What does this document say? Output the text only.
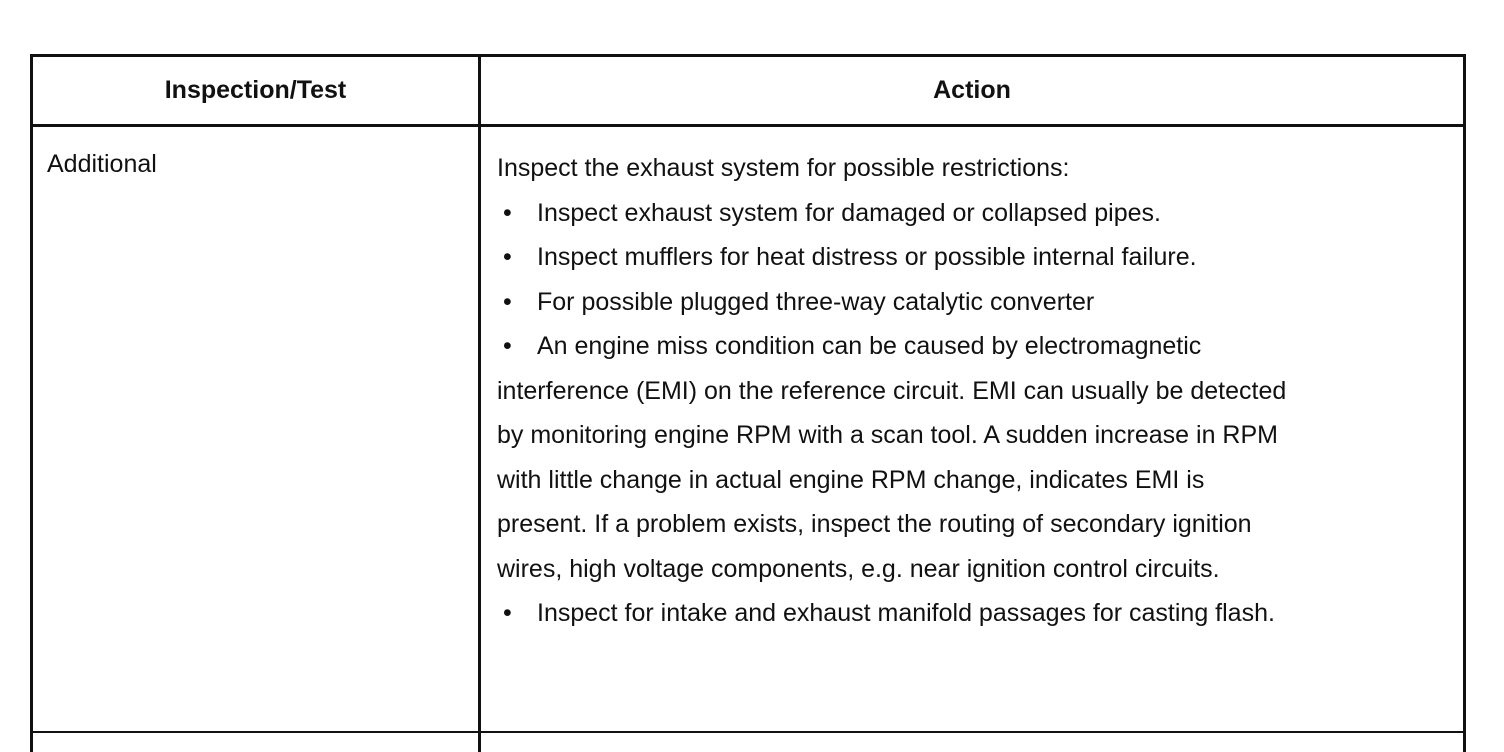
Inspection/Test	Action
Additional	Inspect the exhaust system for possible restrictions:
• Inspect exhaust system for damaged or collapsed pipes.
• Inspect mufflers for heat distress or possible internal failure.
• For possible plugged three-way catalytic converter
• An engine miss condition can be caused by electromagnetic
interference (EMI) on the reference circuit. EMI can usually be detected
by monitoring engine RPM with a scan tool. A sudden increase in RPM
with little change in actual engine RPM change, indicates EMI is
present. If a problem exists, inspect the routing of secondary ignition
wires, high voltage components, e.g. near ignition control circuits.
• Inspect for intake and exhaust manifold passages for casting flash.
